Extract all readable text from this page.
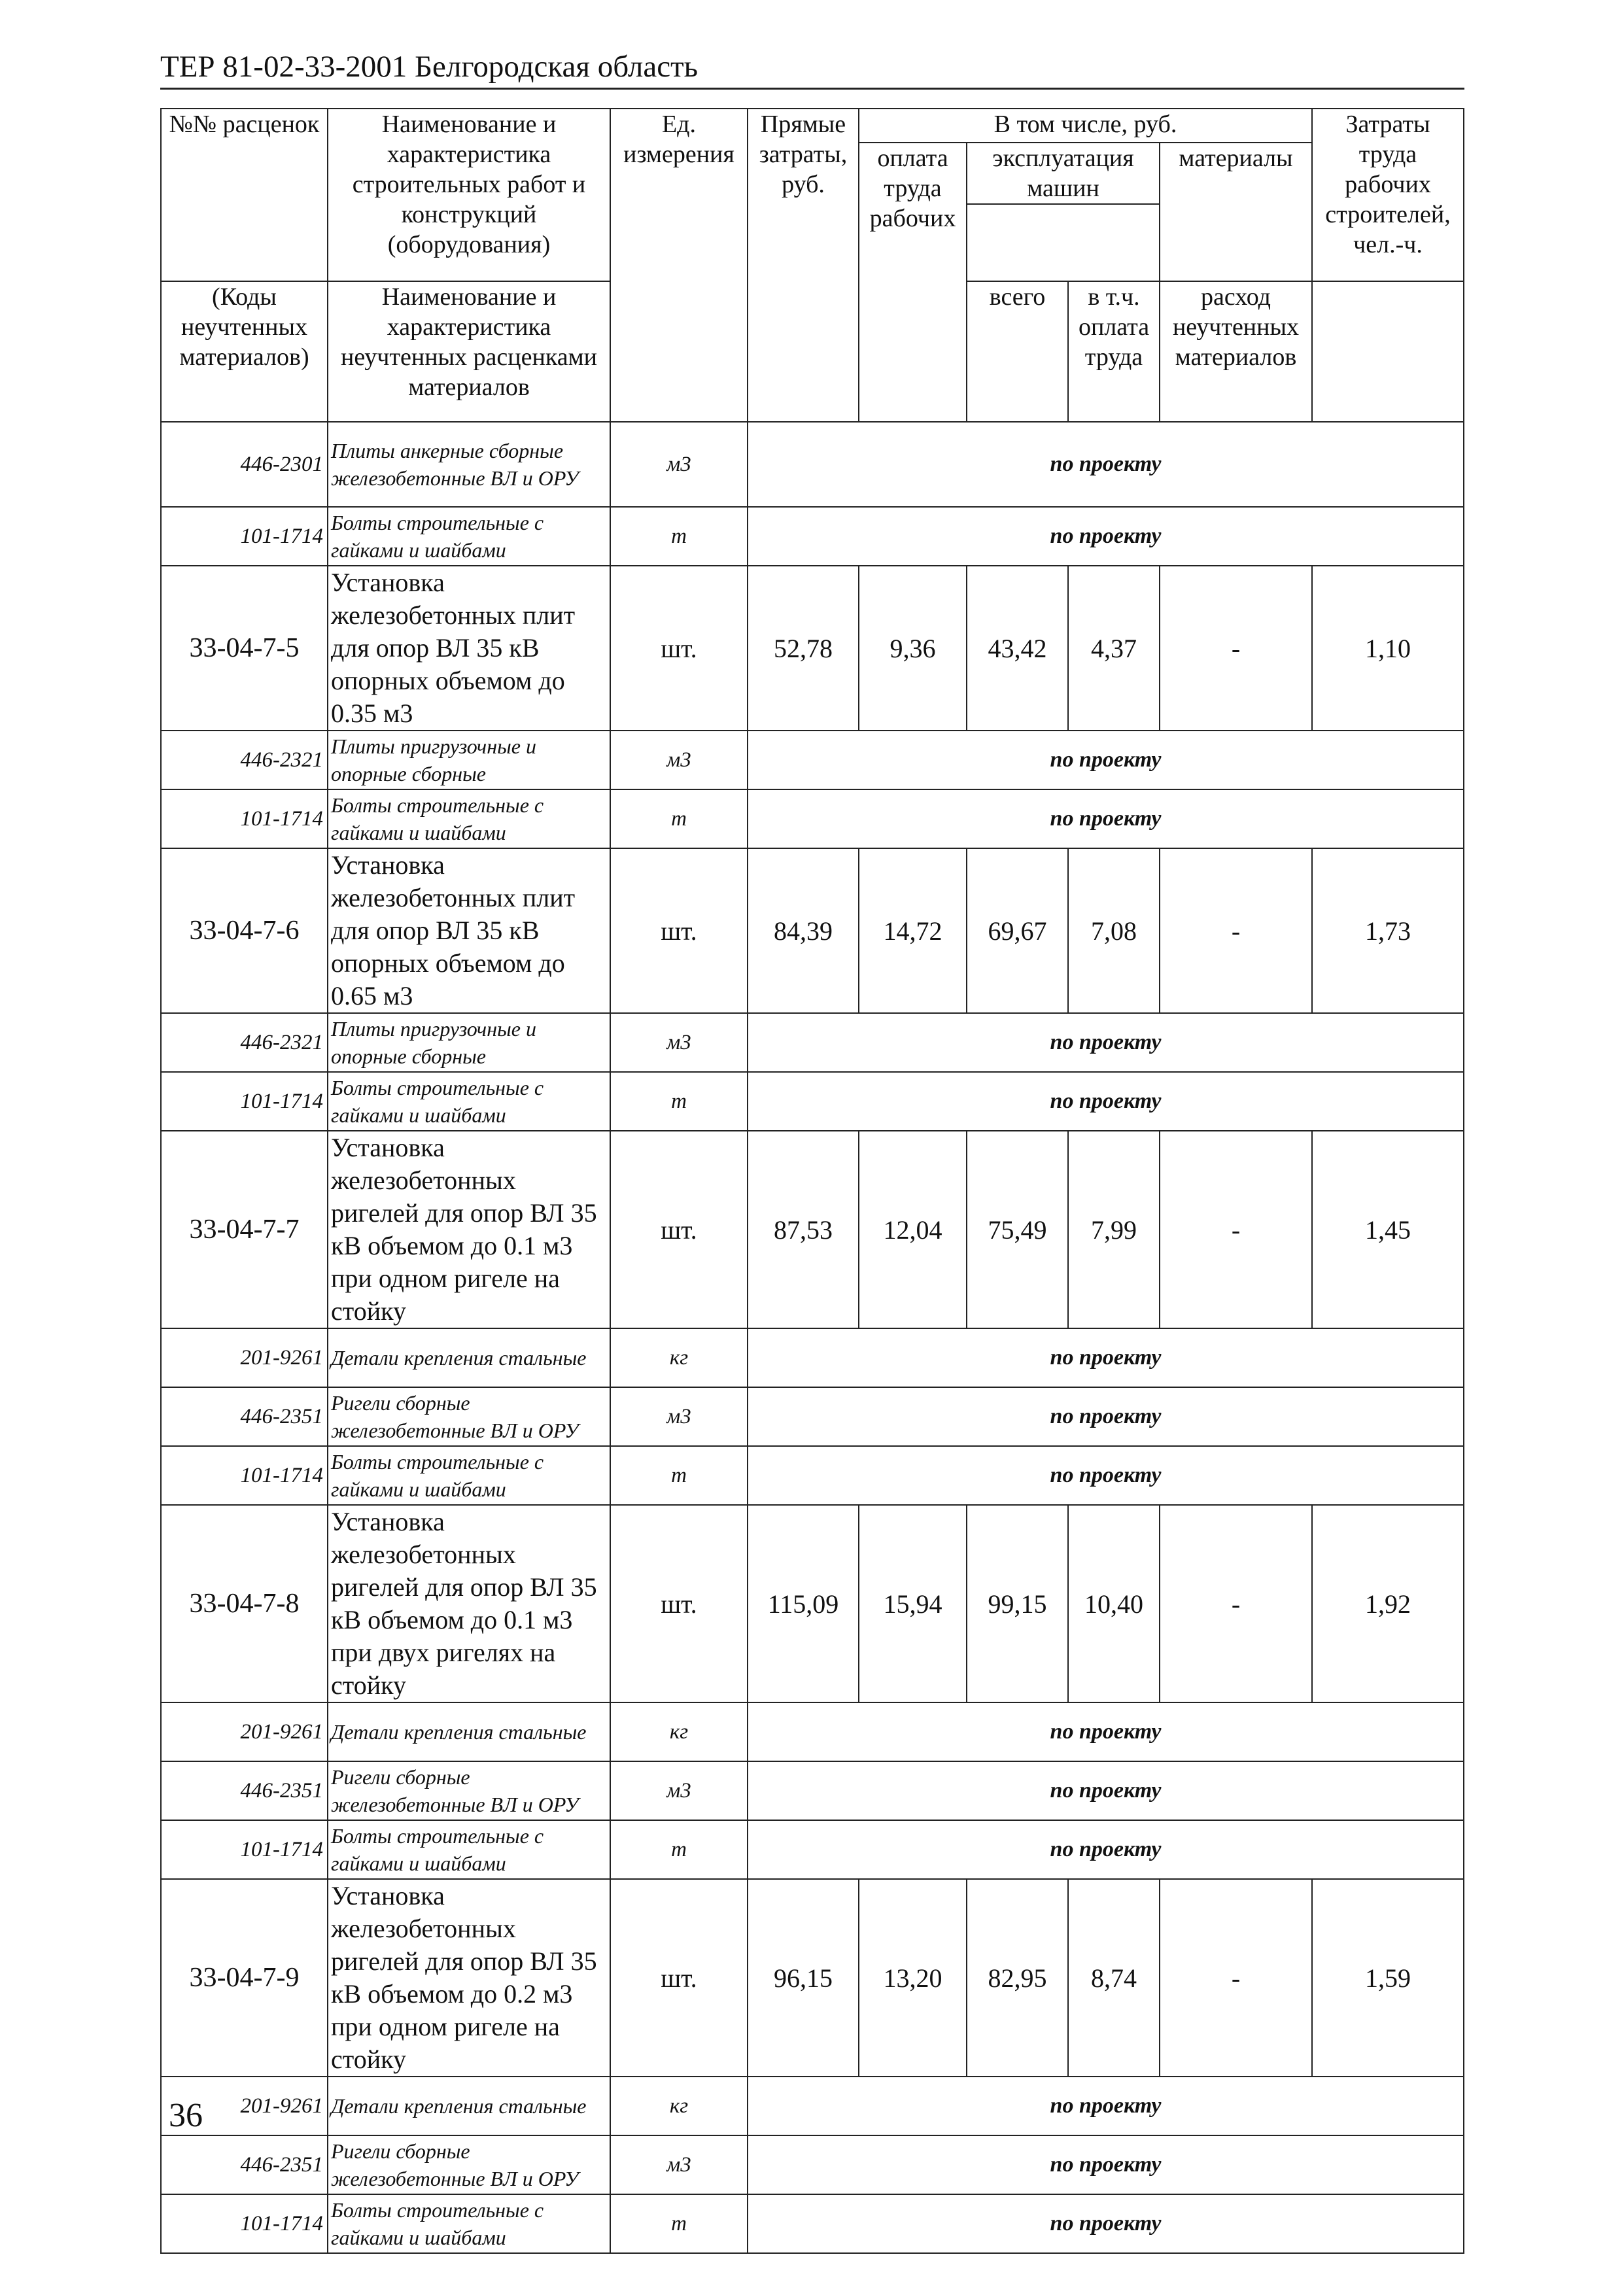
ТЕР 81-02-33-2001 Белгородская область
№№ расценок	Наименование и характеристика строительных работ и конструкций (оборудования)	Ед. измерения	Прямые затраты, руб.	В том числе, руб.				Затраты труда рабочих строителей, чел.-ч.
				оплата труда рабочих	эксплуатация машин		материалы	

(Коды неучтенных материалов)	Наименование и характеристика неучтенных расценками материалов				всего	в т.ч. оплата труда	расход неучтенных материалов	

446-2301	Плиты анкерные сборные железобетонные ВЛ и ОРУ	м3	по проекту					
101-1714	Болты строительные с гайками и шайбами	т	по проекту					
33-04-7-5	Установка железобетонных плит для опор ВЛ 35 кВ опорных объемом до 0.35 м3	шт.	52,78	9,36	43,42	4,37	-	1,10
446-2321	Плиты пригрузочные и опорные сборные	м3	по проекту					
101-1714	Болты строительные с гайками и шайбами	т	по проекту					
33-04-7-6	Установка железобетонных плит для опор ВЛ 35 кВ опорных объемом до 0.65 м3	шт.	84,39	14,72	69,67	7,08	-	1,73
446-2321	Плиты пригрузочные и опорные сборные	м3	по проекту					
101-1714	Болты строительные с гайками и шайбами	т	по проекту					
33-04-7-7	Установка железобетонных ригелей для опор ВЛ 35 кВ объемом до 0.1 м3 при одном ригеле на стойку	шт.	87,53	12,04	75,49	7,99	-	1,45
201-9261	Детали крепления стальные	кг	по проекту					
446-2351	Ригели сборные железобетонные ВЛ и ОРУ	м3	по проекту					
101-1714	Болты строительные с гайками и шайбами	т	по проекту					
33-04-7-8	Установка железобетонных ригелей для опор ВЛ 35 кВ объемом до 0.1 м3 при двух ригелях на стойку	шт.	115,09	15,94	99,15	10,40	-	1,92
201-9261	Детали крепления стальные	кг	по проекту					
446-2351	Ригели сборные железобетонные ВЛ и ОРУ	м3	по проекту					
101-1714	Болты строительные с гайками и шайбами	т	по проекту					
33-04-7-9	Установка железобетонных ригелей для опор ВЛ 35 кВ объемом до 0.2 м3 при одном ригеле на стойку	шт.	96,15	13,20	82,95	8,74	-	1,59
201-9261	Детали крепления стальные	кг	по проекту					
446-2351	Ригели сборные железобетонные ВЛ и ОРУ	м3	по проекту					
101-1714	Болты строительные с гайками и шайбами	т	по проекту					
36
